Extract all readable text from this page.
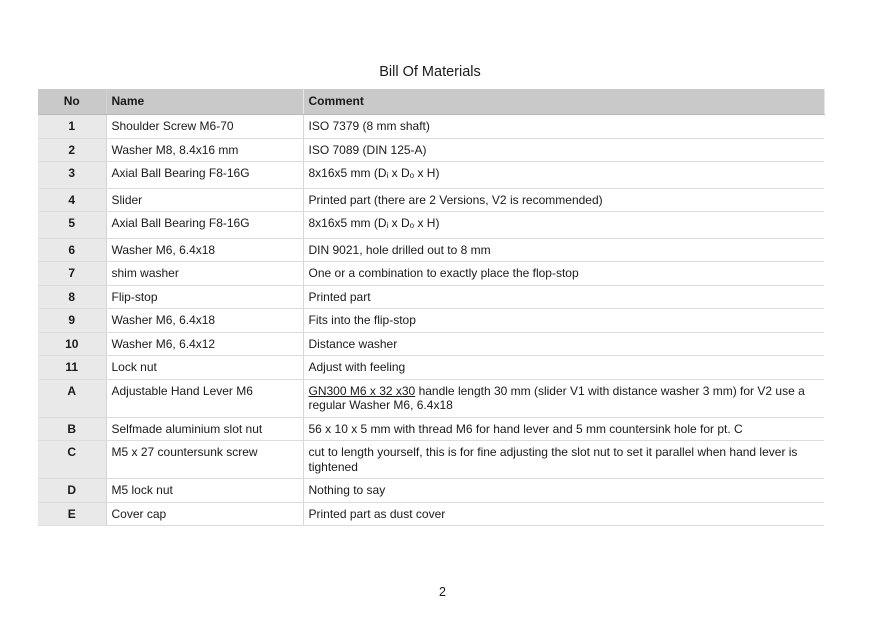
Bill Of Materials
No	Name	Comment
1	Shoulder Screw M6-70	ISO 7379 (8 mm shaft)
2	Washer M8, 8.4x16 mm	ISO 7089 (DIN 125-A)
3	Axial Ball Bearing F8-16G	8x16x5 mm (Di x Do x H)
4	Slider	Printed part (there are 2 Versions, V2 is recommended)
5	Axial Ball Bearing F8-16G	8x16x5 mm (Di x Do x H)
6	Washer M6, 6.4x18	DIN 9021, hole drilled out to 8 mm
7	shim washer	One or a combination to exactly place the flop-stop
8	Flip-stop	Printed part
9	Washer M6, 6.4x18	Fits into the flip-stop
10	Washer M6, 6.4x12	Distance washer
11	Lock nut	Adjust with feeling
A	Adjustable Hand Lever M6	GN300 M6 x 32 x30 handle length 30 mm (slider V1 with distance washer 3 mm) for V2 use a regular Washer M6, 6.4x18
B	Selfmade aluminium slot nut	56 x 10 x 5 mm with thread M6 for hand lever and 5 mm countersink hole for pt. C
C	M5 x 27 countersunk screw	cut to length yourself, this is for fine adjusting the slot nut to set it parallel when hand lever is tightened
D	M5 lock nut	Nothing to say
E	Cover cap	Printed part as dust cover
2
